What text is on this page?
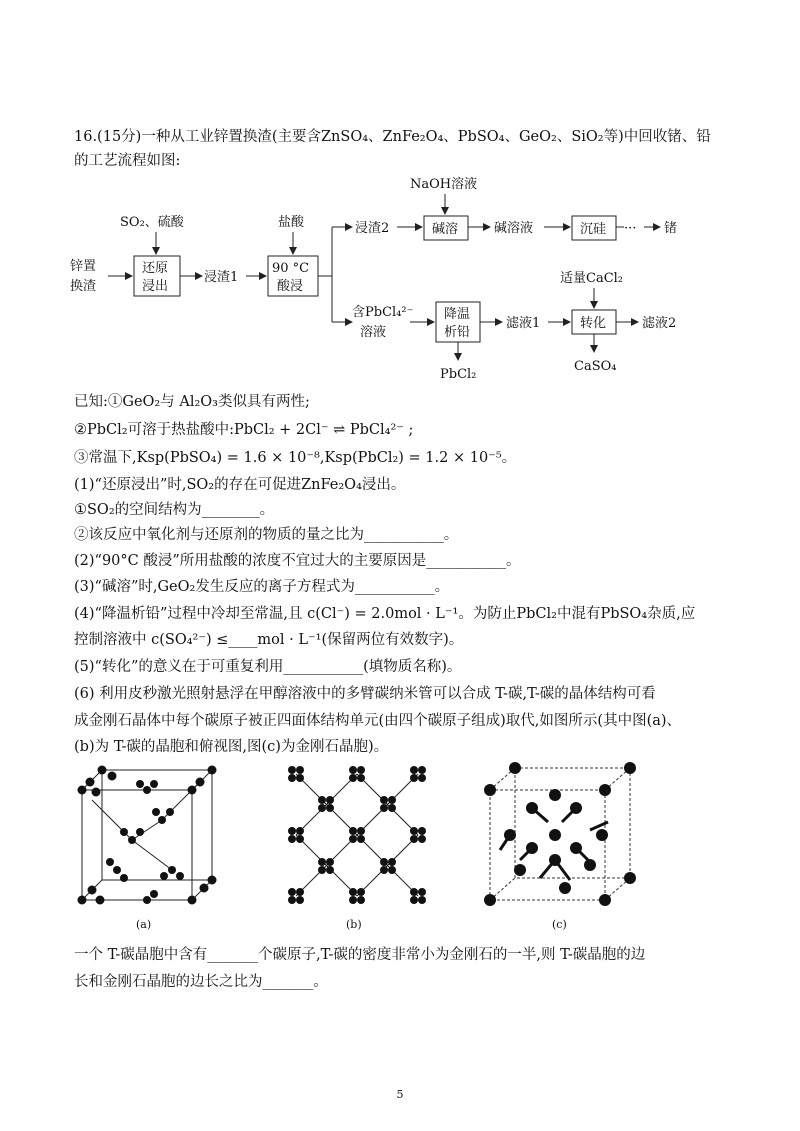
16.(15分)一种从工业锌置换渣(主要含ZnSO₄、ZnFe₂O₄、PbSO₄、GeO₂、SiO₂等)中回收锗、铅
的工艺流程如图:
锌置
换渣
SO₂、硫酸
还原
浸出
浸渣1
盐酸
90 °C
酸浸
浸渣2
NaOH溶液
碱溶	碱溶液	沉硅 ··· 锗
含PbCl₄²⁻
溶液
降温
析铅
PbCl₂
滤液1
适量CaCl₂
转化
CaSO₄
滤液2
已知:①GeO₂与 Al₂O₃类似具有两性;
②PbCl₂可溶于热盐酸中:PbCl₂ + 2Cl⁻ ⇌ PbCl₄²⁻ ;
③常温下,Ksp(PbSO₄) = 1.6 × 10⁻⁸,Ksp(PbCl₂) = 1.2 × 10⁻⁵。
(1)“还原浸出”时,SO₂的存在可促进ZnFe₂O₄浸出。
①SO₂的空间结构为________。
②该反应中氧化剂与还原剂的物质的量之比为___________。
(2)“90°C 酸浸”所用盐酸的浓度不宜过大的主要原因是___________。
(3)“碱溶”时,GeO₂发生反应的离子方程式为___________。
(4)“降温析铅”过程中冷却至常温,且 c(Cl⁻) = 2.0mol · L⁻¹。为防止PbCl₂中混有PbSO₄杂质,应
控制溶液中 c(SO₄²⁻) ≤____mol · L⁻¹(保留两位有效数字)。
(5)“转化”的意义在于可重复利用___________(填物质名称)。
(6) 利用皮秒激光照射悬浮在甲醇溶液中的多臂碳纳米管可以合成 T-碳,T-碳的晶体结构可看
成金刚石晶体中每个碳原子被正四面体结构单元(由四个碳原子组成)取代,如图所示(其中图(a)、
(b)为 T-碳的晶胞和俯视图,图(c)为金刚石晶胞)。
(a)	(b)	(c)
一个 T-碳晶胞中含有_______个碳原子,T-碳的密度非常小为金刚石的一半,则 T-碳晶胞的边
长和金刚石晶胞的边长之比为_______。
5
